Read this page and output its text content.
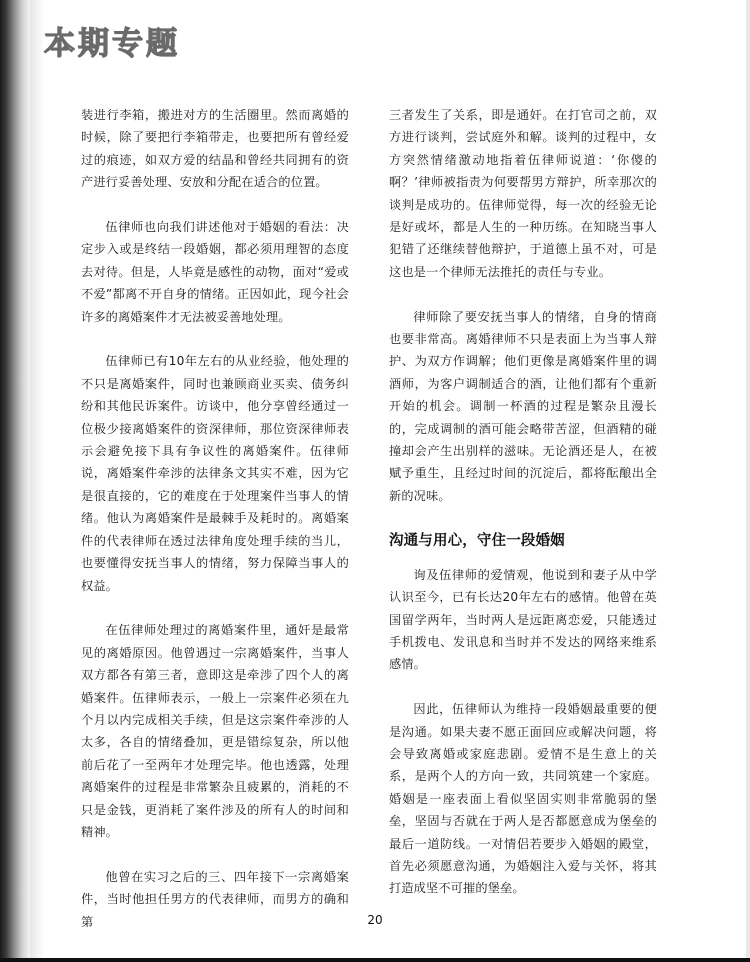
本期专题

装进行李箱，搬进对方的生活圈里。然而离婚的时候，除了要把行李箱带走，也要把所有曾经爱过的痕迹，如双方爱的结晶和曾经共同拥有的资产进行妥善处理、安放和分配在适合的位置。

伍律师也向我们讲述他对于婚姻的看法：决定步入或是终结一段婚姻，都必须用理智的态度去对待。但是，人毕竟是感性的动物，面对“爱或不爱”都离不开自身的情绪。正因如此，现今社会许多的离婚案件才无法被妥善地处理。

伍律师已有10年左右的从业经验，他处理的不只是离婚案件，同时也兼顾商业买卖、债务纠纷和其他民诉案件。访谈中，他分享曾经通过一位极少接离婚案件的资深律师，那位资深律师表示会避免接下具有争议性的离婚案件。伍律师说，离婚案件牵涉的法律条文其实不难，因为它是很直接的，它的难度在于处理案件当事人的情绪。他认为离婚案件是最棘手及耗时的。离婚案件的代表律师在透过法律角度处理手续的当儿，也要懂得安抚当事人的情绪，努力保障当事人的权益。

在伍律师处理过的离婚案件里，通奸是最常见的离婚原因。他曾遇过一宗离婚案件，当事人双方都各有第三者，意即这是牵涉了四个人的离婚案件。伍律师表示，一般上一宗案件必须在九个月以内完成相关手续，但是这宗案件牵涉的人太多，各自的情绪叠加，更是错综复杂，所以他前后花了一至两年才处理完毕。他也透露，处理离婚案件的过程是非常繁杂且疲累的，消耗的不只是金钱，更消耗了案件涉及的所有人的时间和精神。

他曾在实习之后的三、四年接下一宗离婚案件，当时他担任男方的代表律师，而男方的确和第

三者发生了关系，即是通奸。在打官司之前，双方进行谈判，尝试庭外和解。谈判的过程中，女方突然情绪激动地指着伍律师说道：‘你傻的啊？’律师被指责为何要帮男方辩护，所幸那次的谈判是成功的。伍律师觉得，每一次的经验无论是好或坏，都是人生的一种历练。在知晓当事人犯错了还继续替他辩护，于道德上虽不对，可是这也是一个律师无法推托的责任与专业。

律师除了要安抚当事人的情绪，自身的情商也要非常高。离婚律师不只是表面上为当事人辩护、为双方作调解；他们更像是离婚案件里的调酒师，为客户调制适合的酒，让他们都有个重新开始的机会。调制一杯酒的过程是繁杂且漫长的，完成调制的酒可能会略带苦涩，但酒精的碰撞却会产生出别样的滋味。无论酒还是人，在被赋予重生，且经过时间的沉淀后，都将酝酿出全新的况味。

沟通与用心，守住一段婚姻

询及伍律师的爱情观，他说到和妻子从中学认识至今，已有长达20年左右的感情。他曾在英国留学两年，当时两人是远距离恋爱，只能透过手机拨电、发讯息和当时并不发达的网络来维系感情。

因此，伍律师认为维持一段婚姻最重要的便是沟通。如果夫妻不愿正面回应或解决问题，将会导致离婚或家庭悲剧。爱情不是生意上的关系，是两个人的方向一致，共同筑建一个家庭。婚姻是一座表面上看似坚固实则非常脆弱的堡垒，坚固与否就在于两人是否都愿意成为堡垒的最后一道防线。一对情侣若要步入婚姻的殿堂，首先必须愿意沟通，为婚姻注入爱与关怀，将其打造成坚不可摧的堡垒。

20
